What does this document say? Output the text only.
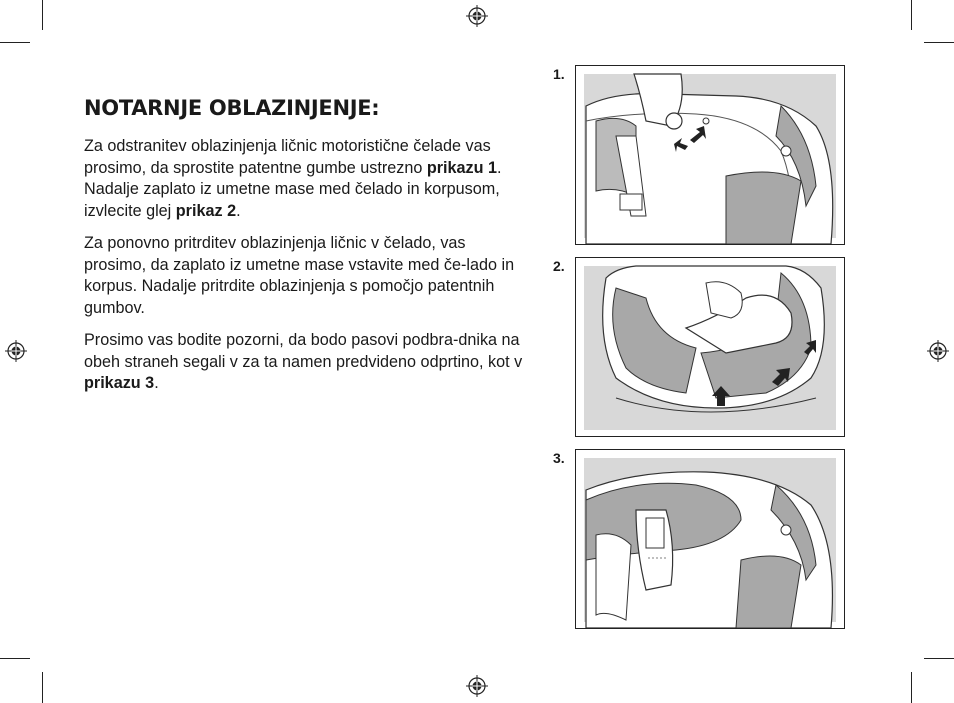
NOTARNJE OBLAZINJENJE:

Za odstranitev oblazinjenja ličnic motoristične čelade vas prosimo, da sprostite patentne gumbe ustrezno prikazu 1. Nadalje zaplato iz umetne mase med čelado in korpusom, izvlecite glej prikaz 2.

Za ponovno pritrditev oblazinjenja ličnic v čelado, vas prosimo, da zaplato iz umetne mase vstavite med če-lado in korpus. Nadalje pritrdite oblazinjenja s pomočjo patentnih gumbov.

Prosimo vas bodite pozorni, da bodo pasovi podbra-dnika na obeh straneh segali v za ta namen predvideno odprtino, kot v prikazu 3.

1.
2.
3.
